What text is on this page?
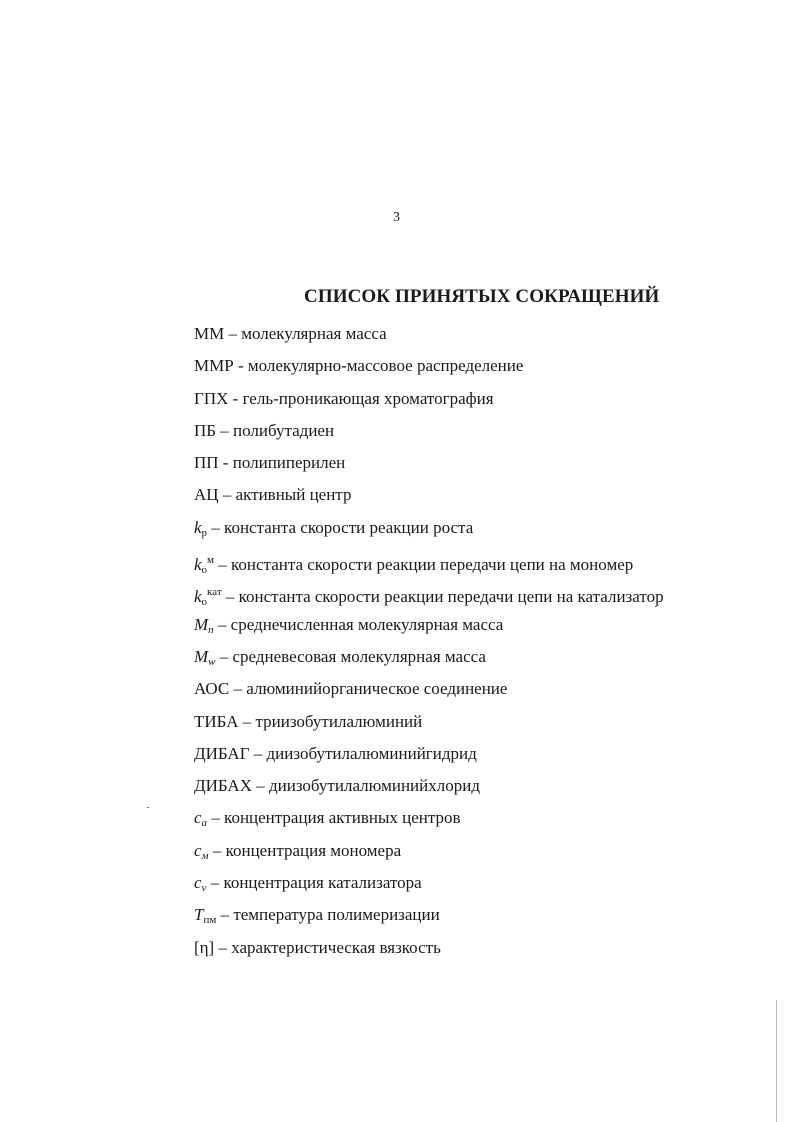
3
СПИСОК ПРИНЯТЫХ СОКРАЩЕНИЙ
ММ – молекулярная масса
ММР - молекулярно-массовое распределение
ГПХ - гель-проникающая хроматография
ПБ – полибутадиен
ПП - полипиперилен
АЦ – активный центр
$k_р$ – константа скорости реакции роста
$k_о^м$ – константа скорости реакции передачи цепи на мономер
$k_о^{кат}$ – константа скорости реакции передачи цепи на катализатор
$M_n$ – среднечисленная молекулярная масса
$M_w$ – средневесовая молекулярная масса
АОС – алюминийорганическое соединение
ТИБА – триизобутилалюминий
ДИБАГ – диизобутилалюминийгидрид
ДИБАХ – диизобутилалюминийхлорид
$c_а$ – концентрация активных центров
$c_м$ – концентрация мономера
$c_v$ – концентрация катализатора
$T_{пм}$ – температура полимеризации
[η] – характеристическая вязкость
